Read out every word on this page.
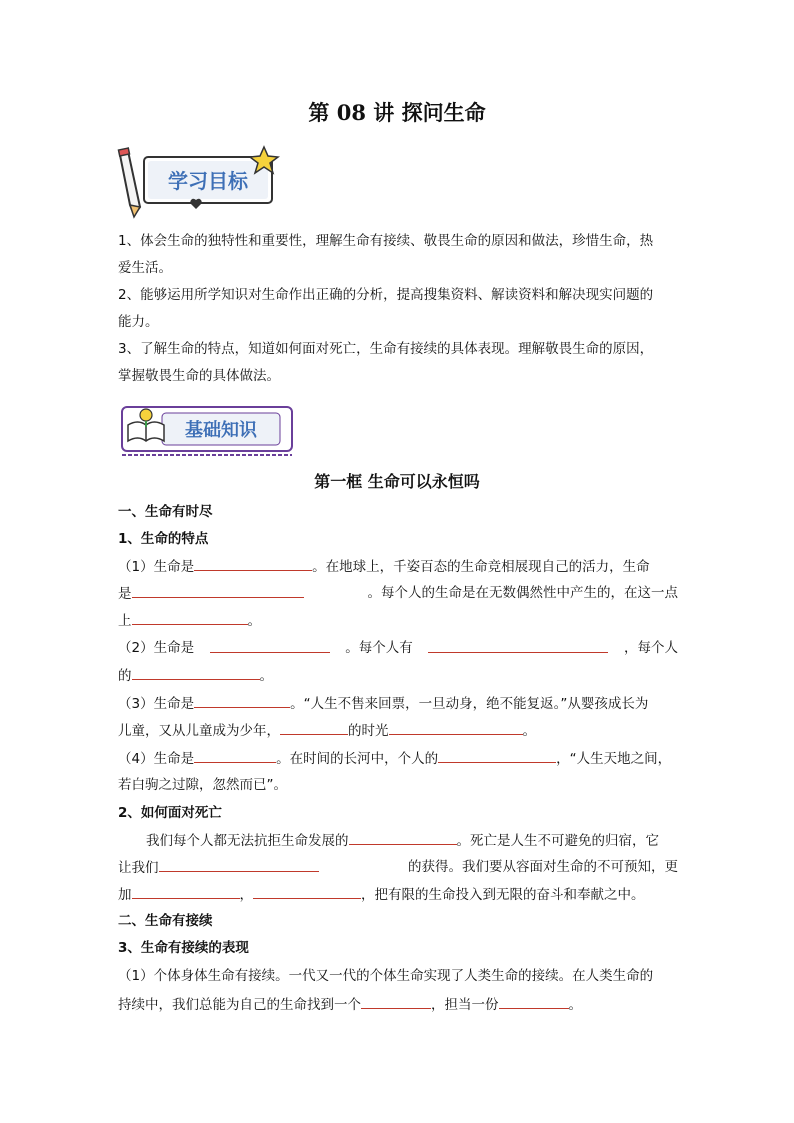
第 08 讲 探问生命
学习目标
1、体会生命的独特性和重要性，理解生命有接续、敬畏生命的原因和做法，珍惜生命，热
爱生活。
2、能够运用所学知识对生命作出正确的分析，提高搜集资料、解读资料和解决现实问题的
能力。
3、了解生命的特点，知道如何面对死亡，生命有接续的具体表现。理解敬畏生命的原因，
掌握敬畏生命的具体做法。
基础知识
第一框 生命可以永恒吗
一、生命有时尽
1、生命的特点
（1）生命是	。在地球上，千姿百态的生命竞相展现自己的活力，生命
是	。每个人的生命是在无数偶然性中产生的，在这一点
上	。
（2）生命是	。每个人有	，每个人
的	。
（3）生命是	。“人生不售来回票，一旦动身，绝不能复返。”从婴孩成长为
儿童，又从儿童成为少年，	的时光	。
（4）生命是	。在时间的长河中，个人的	，“人生天地之间，
若白驹之过隙，忽然而已”。
2、如何面对死亡
我们每个人都无法抗拒生命发展的	。死亡是人生不可避免的归宿，它
让我们	的获得。我们要从容面对生命的不可预知，更
加	，	，把有限的生命投入到无限的奋斗和奉献之中。
二、生命有接续
3、生命有接续的表现
（1）个体身体生命有接续。一代又一代的个体生命实现了人类生命的接续。在人类生命的
持续中，我们总能为自己的生命找到一个	，担当一份	。
